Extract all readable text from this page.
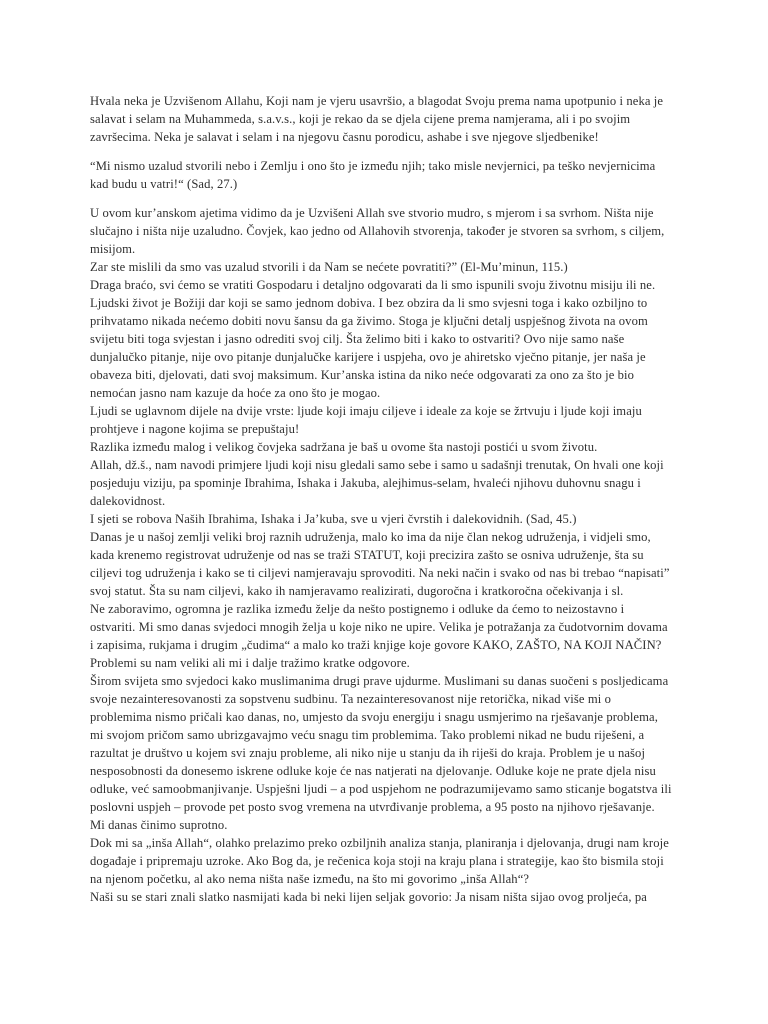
Hvala neka je Uzvišenom Allahu, Koji nam je vjeru usavršio, a blagodat Svoju prema nama upotpunio i neka je salavat i selam na Muhammeda, s.a.v.s., koji je rekao da se djela cijene prema namjerama, ali i po svojim završecima. Neka je salavat i selam i na njegovu časnu porodicu, ashabe i sve njegove sljedbenike!

“Mi nismo uzalud stvorili nebo i Zemlju i ono što je između njih; tako misle nevjernici, pa teško nevjernicima kad budu u vatri!“ (Sad, 27.)

U ovom kur’anskom ajetima vidimo da je Uzvišeni Allah sve stvorio mudro, s mjerom i sa svrhom. Ništa nije slučajno i ništa nije uzaludno. Čovjek, kao jedno od Allahovih stvorenja, također je stvoren sa svrhom, s ciljem, misijom.

Zar ste mislili da smo vas uzalud stvorili i da Nam se nećete povratiti?” (El-Mu’minun, 115.)

Draga braćo, svi ćemo se vratiti Gospodaru i detaljno odgovarati da li smo ispunili svoju životnu misiju ili ne. Ljudski život je Božiji dar koji se samo jednom dobiva. I bez obzira da li smo svjesni toga i kako ozbiljno to prihvatamo nikada nećemo dobiti novu šansu da ga živimo. Stoga je ključni detalj uspješnog života na ovom svijetu biti toga svjestan i jasno odrediti svoj cilj. Šta želimo biti i kako to ostvariti? Ovo nije samo naše dunjalučko pitanje, nije ovo pitanje dunjalučke karijere i uspjeha, ovo je ahiretsko vječno pitanje, jer naša je obaveza biti, djelovati, dati svoj maksimum. Kur’anska istina da niko neće odgovarati za ono za što je bio nemoćan jasno nam kazuje da hoće za ono što je mogao.

Ljudi se uglavnom dijele na dvije vrste: ljude koji imaju ciljeve i ideale za koje se žrtvuju i ljude koji imaju prohtjeve i nagone kojima se prepuštaju!

Razlika između malog i velikog čovjeka sadržana je baš u ovome šta nastoji postići u svom životu.

Allah, dž.š., nam navodi primjere ljudi koji nisu gledali samo sebe i samo u sadašnji trenutak, On hvali one koji posjeduju viziju, pa spominje Ibrahima, Ishaka i Jakuba, alejhimus-selam, hvaleći njihovu duhovnu snagu i dalekovidnost.

I sjeti se robova Naših Ibrahima, Ishaka i Ja’kuba, sve u vjeri čvrstih i dalekovidnih. (Sad, 45.)

Danas je u našoj zemlji veliki broj raznih udruženja, malo ko ima da nije član nekog udruženja, i vidjeli smo, kada krenemo registrovat udruženje od nas se traži STATUT, koji precizira zašto se osniva udruženje, šta su ciljevi tog udruženja i kako se ti ciljevi namjeravaju sprovoditi. Na neki način i svako od nas bi trebao “napisati” svoj statut. Šta su nam ciljevi, kako ih namjeravamo realizirati, dugoročna i kratkoročna očekivanja i sl.

Ne zaboravimo, ogromna je razlika između želje da nešto postignemo i odluke da ćemo to neizostavno i ostvariti. Mi smo danas svjedoci mnogih želja u koje niko ne upire. Velika je potražanja za čudotvornim dovama i zapisima, rukjama i drugim „čudima“ a malo ko traži knjige koje govore KAKO, ZAŠTO, NA KOJI NAČIN? Problemi su nam veliki ali mi i dalje tražimo kratke odgovore.

Širom svijeta smo svjedoci kako muslimanima drugi prave ujdurme. Muslimani su danas suočeni s posljedicama svoje nezainteresovanosti za sopstvenu sudbinu. Ta nezainteresovanost nije retorička, nikad više mi o problemima nismo pričali kao danas, no, umjesto da svoju energiju i snagu usmjerimo na rješavanje problema, mi svojom pričom samo ubrizgavajmo veću snagu tim problemima. Tako problemi nikad ne budu riješeni, a razultat je društvo u kojem svi znaju probleme, ali niko nije u stanju da ih riješi do kraja. Problem je u našoj nesposobnosti da donesemo iskrene odluke koje će nas natjerati na djelovanje. Odluke koje ne prate djela nisu odluke, već samoobmanjivanje. Uspješni ljudi – a pod uspjehom ne podrazumijevamo samo sticanje bogatstva ili poslovni uspjeh – provode pet posto svog vremena na utvrđivanje problema, a 95 posto na njihovo rješavanje. Mi danas činimo suprotno.

Dok mi sa „inša Allah“, olahko prelazimo preko ozbiljnih analiza stanja, planiranja i djelovanja, drugi nam kroje događaje i pripremaju uzroke. Ako Bog da, je rečenica koja stoji na kraju plana i strategije, kao što bismila stoji na njenom početku, al ako nema ništa naše između, na što mi govorimo „inša Allah“?

Naši su se stari znali slatko nasmijati kada bi neki lijen seljak govorio: Ja nisam ništa sijao ovog proljeća, pa
